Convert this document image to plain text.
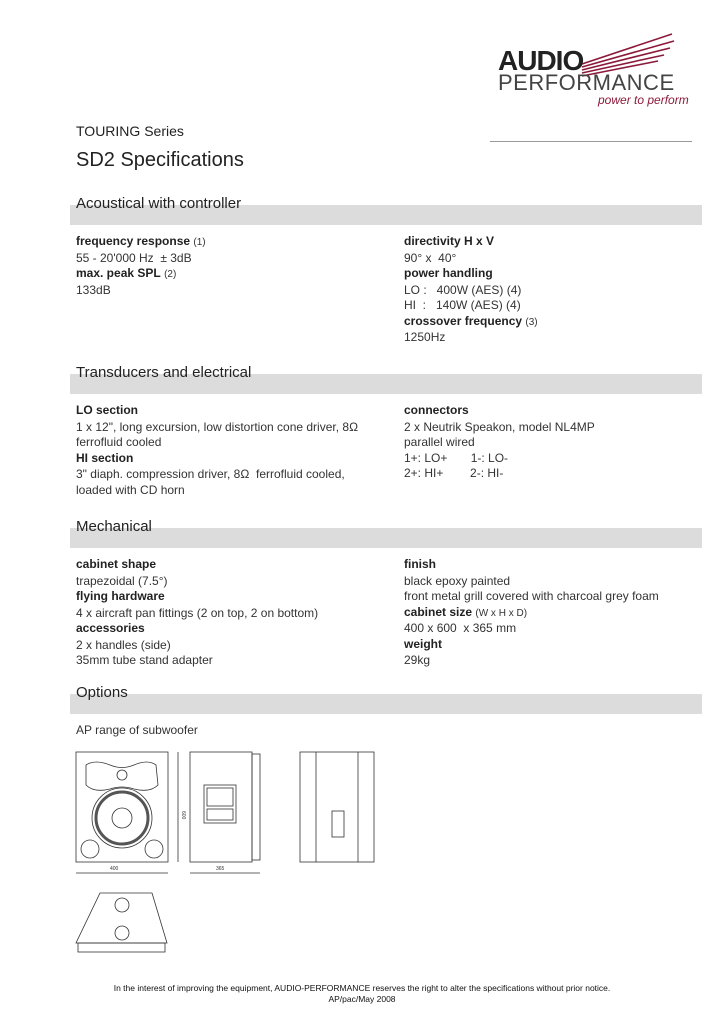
AUDIO
PERFORMANCE
power to perform
TOURING Series
SD2 Specifications
Acoustical with controller
frequency response (1)
55 - 20'000 Hz  ± 3dB
max. peak SPL (2)
133dB
directivity H x V
90° x  40°
power handling
LO :   400W (AES) (4)
HI  :   140W (AES) (4)
crossover frequency (3)
1250Hz
Transducers and electrical
LO section
1 x 12", long excursion, low distortion cone driver, 8Ω
ferrofluid cooled
HI section
3" diaph. compression driver, 8Ω  ferrofluid cooled,
loaded with CD horn
connectors
2 x Neutrik Speakon, model NL4MP
parallel wired
1+: LO+       1-: LO-
2+: HI+        2-: HI-
Mechanical
cabinet shape
trapezoidal (7.5°)
flying hardware
4 x aircraft pan fittings (2 on top, 2 on bottom)
accessories
2 x handles (side)
35mm tube stand adapter
finish
black epoxy painted
front metal grill covered with charcoal grey foam
cabinet size (W x H x D)
400 x 600  x 365 mm
weight
29kg
Options
AP range of subwoofer
400	365
600
In the interest of improving the equipment, AUDIO-PERFORMANCE reserves the right to alter the specifications without prior notice.
AP/pac/May 2008
